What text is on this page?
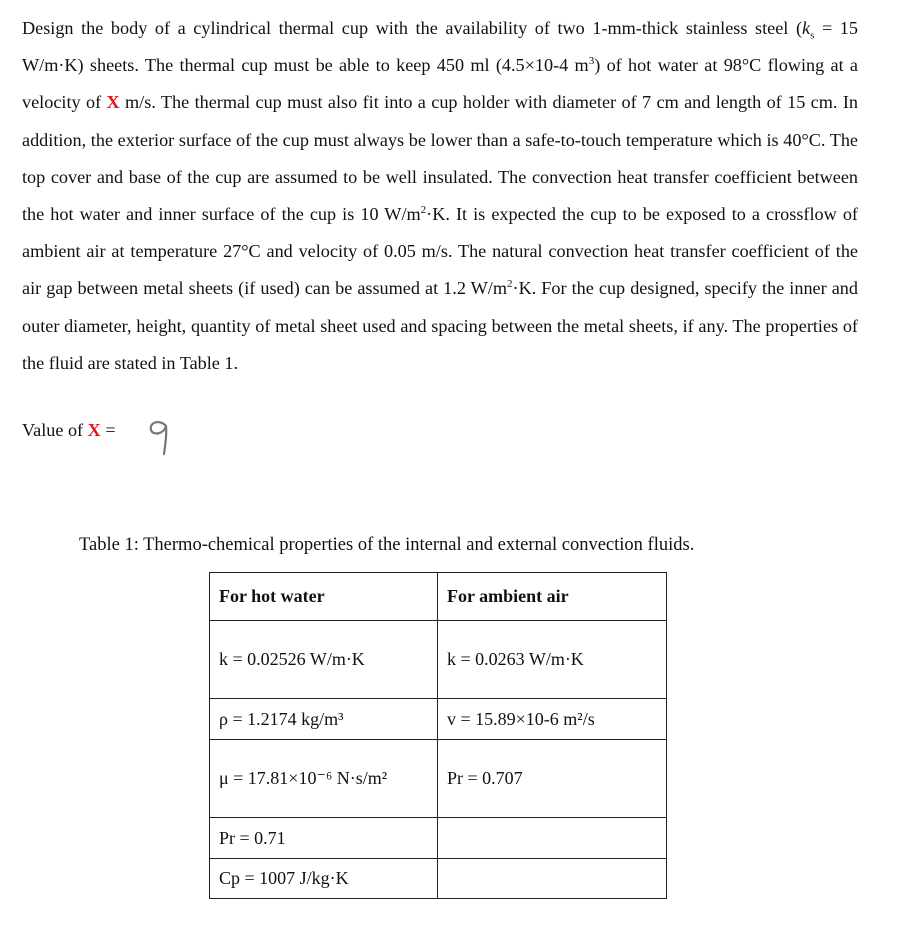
Design the body of a cylindrical thermal cup with the availability of two 1-mm-thick stainless steel ($k_s = 15$ W/m·K) sheets. The thermal cup must be able to keep 450 ml (4.5×10-4 $m^3$) of hot water at 98°C flowing at a velocity of X m/s. The thermal cup must also fit into a cup holder with diameter of 7 cm and length of 15 cm. In addition, the exterior surface of the cup must always be lower than a safe-to-touch temperature which is 40°C. The top cover and base of the cup are assumed to be well insulated. The convection heat transfer coefficient between the hot water and inner surface of the cup is 10 $W/m^2\cdot K$. It is expected the cup to be exposed to a crossflow of ambient air at temperature 27°C and velocity of 0.05 m/s. The natural convection heat transfer coefficient of the air gap between metal sheets (if used) can be assumed at 1.2 $W/m^2\cdot K$. For the cup designed, specify the inner and outer diameter, height, quantity of metal sheet used and spacing between the metal sheets, if any. The properties of the fluid are stated in Table 1.
Value of X =
Table 1: Thermo-chemical properties of the internal and external convection fluids.
For hot water	For ambient air
k = 0.02526 W/m·K	k = 0.0263 W/m·K
ρ = 1.2174 kg/m³	v = 15.89×10-6 m²/s
μ = 17.81×10⁻⁶ N·s/m²	Pr = 0.707
Pr = 0.71	
Cp = 1007 J/kg·K	
